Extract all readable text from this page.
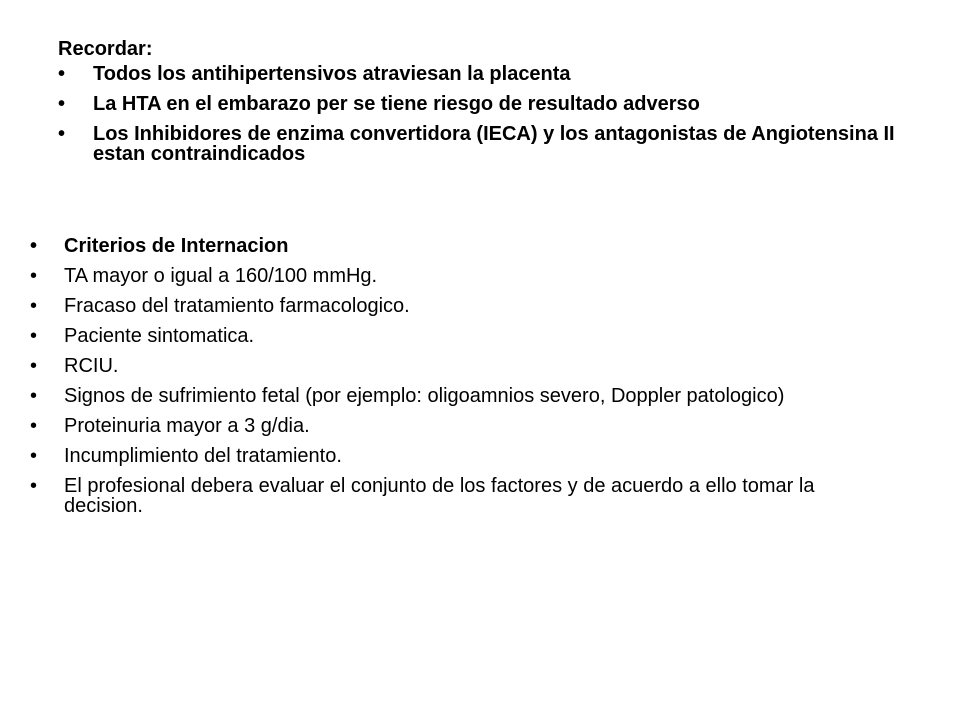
Recordar:
• Todos los antihipertensivos atraviesan la placenta
• La HTA en el embarazo per se tiene riesgo de resultado adverso
• Los Inhibidores de enzima convertidora (IECA) y los antagonistas de Angiotensina II estan contraindicados
• Criterios de Internacion
• TA mayor o igual a 160/100 mmHg.
• Fracaso del tratamiento farmacologico.
• Paciente sintomatica.
• RCIU.
• Signos de sufrimiento fetal (por ejemplo: oligoamnios severo, Doppler patologico)
• Proteinuria mayor a 3 g/dia.
• Incumplimiento del tratamiento.
• El profesional debera evaluar el conjunto de los factores y de acuerdo a ello tomar la decision.
